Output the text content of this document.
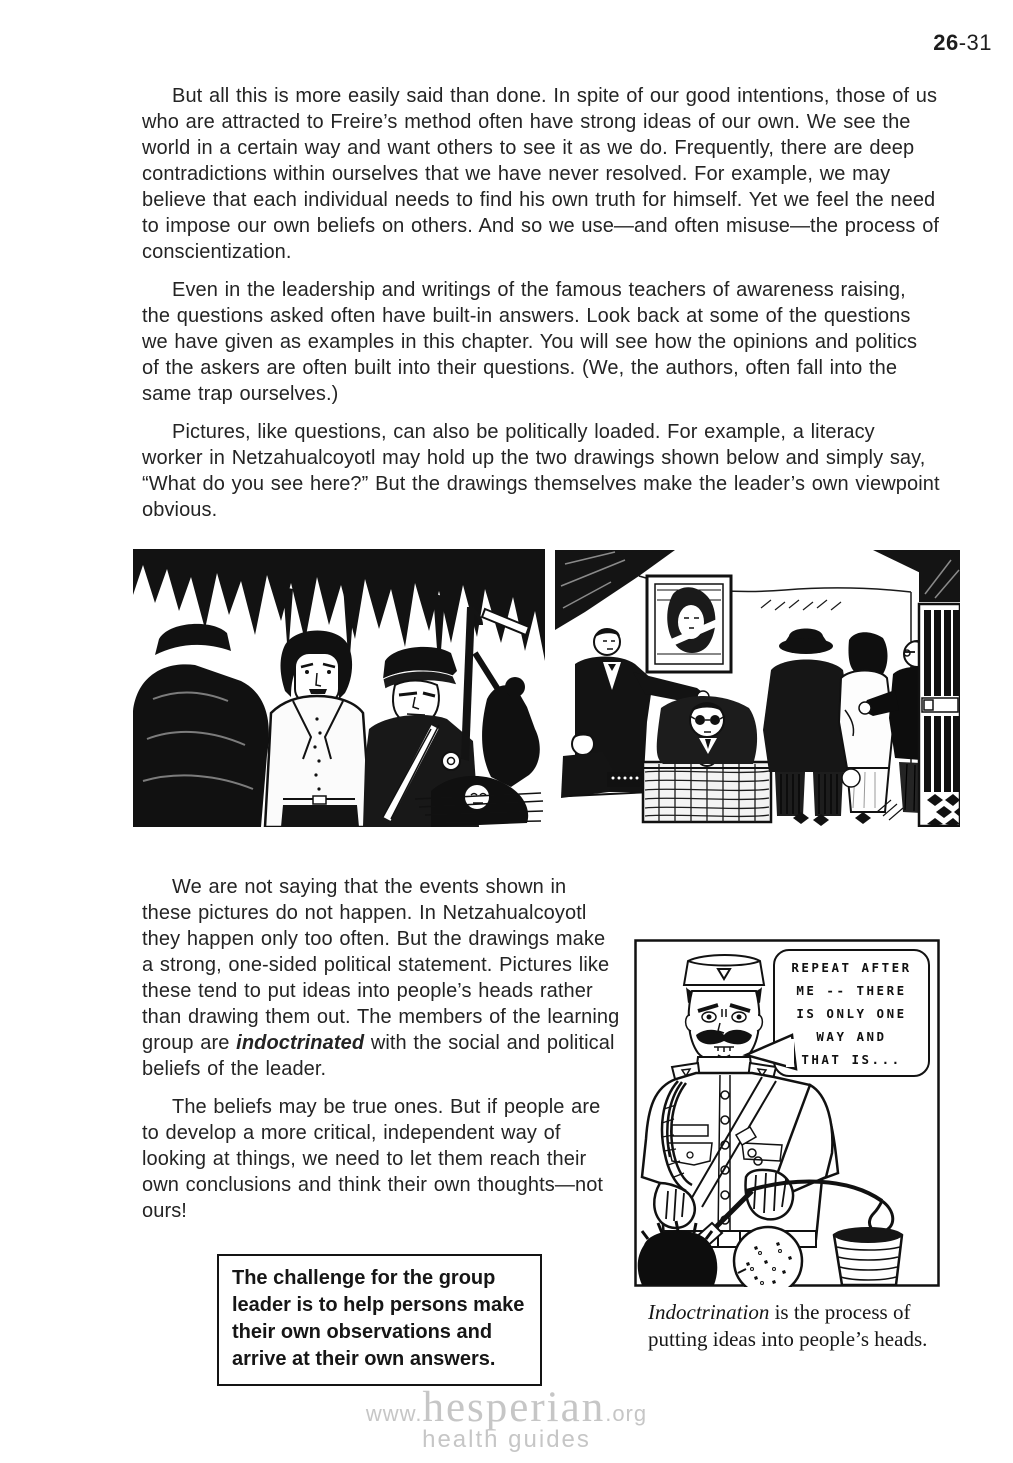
26-31

But all this is more easily said than done. In spite of our good intentions, those of us who are attracted to Freire’s method often have strong ideas of our own. We see the world in a certain way and want others to see it as we do. Frequently, there are deep contradictions within ourselves that we have never resolved. For example, we may believe that each individual needs to find his own truth for himself. Yet we feel the need to impose our own beliefs on others. And so we use—and often misuse—the process of conscientization.

Even in the leadership and writings of the famous teachers of awareness raising, the questions asked often have built-in answers. Look back at some of the questions we have given as examples in this chapter. You will see how the opinions and politics of the askers are often built into their questions. (We, the authors, often fall into the same trap ourselves.)

Pictures, like questions, can also be politically loaded. For example, a literacy worker in Netzahualcoyotl may hold up the two drawings shown below and simply say, “What do you see here?” But the drawings themselves make the leader’s own viewpoint obvious.

REPEAT AFTER
ME -- THERE
IS ONLY ONE
WAY AND
THAT IS...
Indoctrination is the process of putting ideas into people’s heads.

We are not saying that the events shown in these pictures do not happen. In Netzahualcoyotl they happen only too often. But the drawings make a strong, one-sided political statement. Pictures like these tend to put ideas into people’s heads rather than drawing them out. The members of the learning group are indoctrinated with the social and political beliefs of the leader.

The beliefs may be true ones. But if people are to develop a more critical, independent way of looking at things, we need to let them reach their own conclusions and think their own thoughts—not ours!

The challenge for the group leader is to help persons make their own observations and arrive at their own answers.
www.hesperian.org
health guides
